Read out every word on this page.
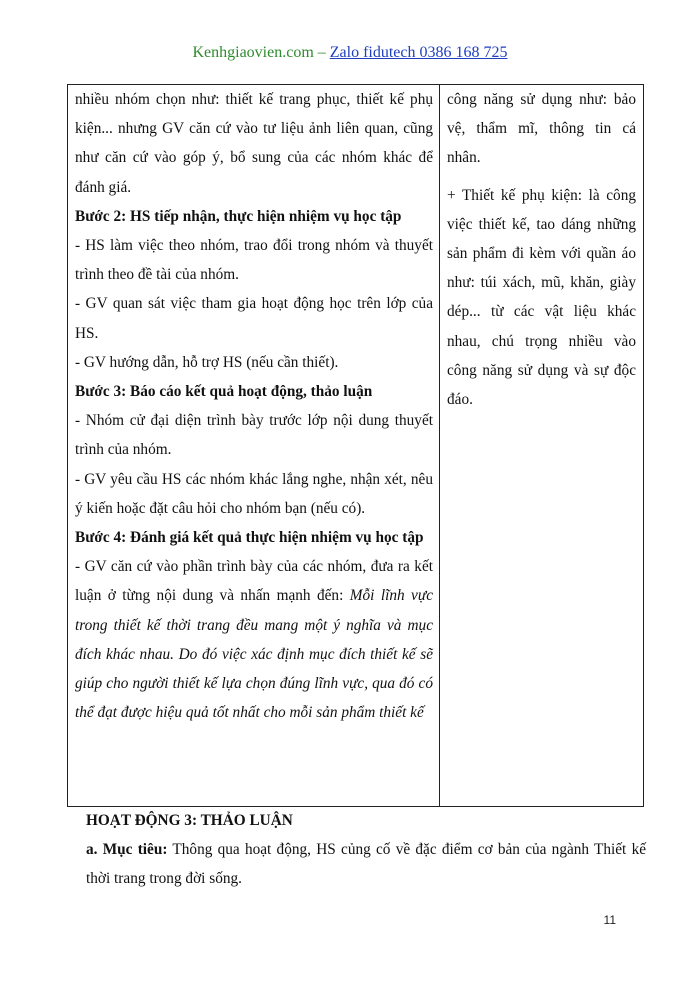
Kenhgiaovien.com – Zalo fidutech 0386 168 725

nhiều nhóm chọn như: thiết kế trang phục, thiết kế phụ kiện... nhưng GV căn cứ vào tư liệu ảnh liên quan, cũng như căn cứ vào góp ý, bổ sung của các nhóm khác để đánh giá.

Bước 2: HS tiếp nhận, thực hiện nhiệm vụ học tập

- HS làm việc theo nhóm, trao đổi trong nhóm và thuyết trình theo đề tài của nhóm.

- GV quan sát việc tham gia hoạt động học trên lớp của HS.

- GV hướng dẫn, hỗ trợ HS (nếu cần thiết).

Bước 3: Báo cáo kết quả hoạt động, thảo luận

- Nhóm cử đại diện trình bày trước lớp nội dung thuyết trình của nhóm.

- GV yêu cầu HS các nhóm khác lắng nghe, nhận xét, nêu ý kiến hoặc đặt câu hỏi cho nhóm bạn (nếu có).

Bước 4: Đánh giá kết quả thực hiện nhiệm vụ học tập

- GV căn cứ vào phần trình bày của các nhóm, đưa ra kết luận ở từng nội dung và nhấn mạnh đến: Mỗi lĩnh vực trong thiết kế thời trang đều mang một ý nghĩa và mục đích khác nhau. Do đó việc xác định mục đích thiết kế sẽ giúp cho người thiết kế lựa chọn đúng lĩnh vực, qua đó có thể đạt được hiệu quả tốt nhất cho mỗi sản phẩm thiết kế

công năng sử dụng như: bảo vệ, thẩm mĩ, thông tin cá nhân.

+ Thiết kế phụ kiện: là công việc thiết kế, tao dáng những sản phẩm đi kèm với quần áo như: túi xách, mũ, khăn, giày dép... từ các vật liệu khác nhau, chú trọng nhiều vào công năng sử dụng và sự độc đáo.

HOẠT ĐỘNG 3: THẢO LUẬN

a. Mục tiêu: Thông qua hoạt động, HS củng cố về đặc điểm cơ bản của ngành Thiết kế thời trang trong đời sống.

11
